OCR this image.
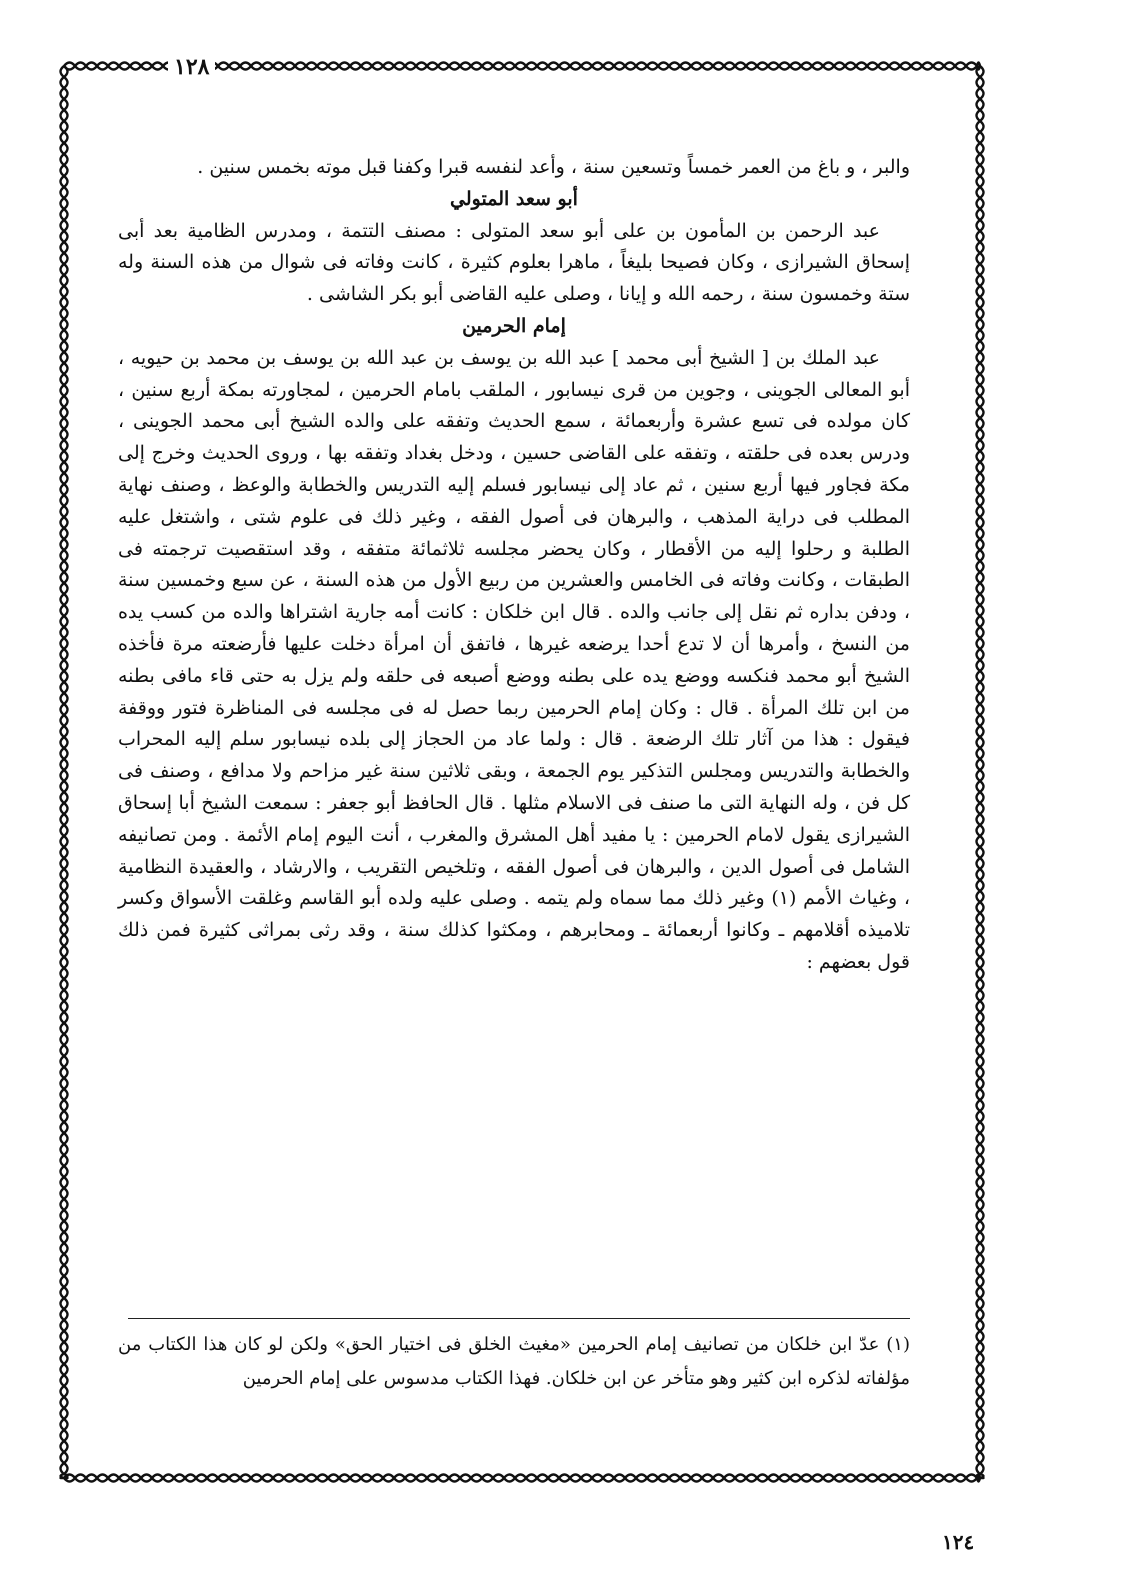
١٢٨

والبر ، و باغ من العمر خمساً وتسعين سنة ، وأعد لنفسه قبرا وكفنا قبل موته بخمس سنين .

أبو سعد المتولي

عبد الرحمن بن المأمون بن على أبو سعد المتولى : مصنف التتمة ، ومدرس الظامية بعد أبى إسحاق الشيرازى ، وكان فصيحا بليغاً ، ماهرا بعلوم كثيرة ، كانت وفاته فى شوال من هذه السنة وله ستة وخمسون سنة ، رحمه الله و إيانا ، وصلى عليه القاضى أبو بكر الشاشى .

إمام الحرمين

عبد الملك بن [ الشيخ أبى محمد ] عبد الله بن يوسف بن عبد الله بن يوسف بن محمد بن حيويه ، أبو المعالى الجوينى ، وجوين من قرى نيسابور ، الملقب بامام الحرمين ، لمجاورته بمكة أربع سنين ، كان مولده فى تسع عشرة وأربعمائة ، سمع الحديث وتفقه على والده الشيخ أبى محمد الجوينى ، ودرس بعده فى حلقته ، وتفقه على القاضى حسين ، ودخل بغداد وتفقه بها ، وروى الحديث وخرج إلى مكة فجاور فيها أربع سنين ، ثم عاد إلى نيسابور فسلم إليه التدريس والخطابة والوعظ ، وصنف نهاية المطلب فى دراية المذهب ، والبرهان فى أصول الفقه ، وغير ذلك فى علوم شتى ، واشتغل عليه الطلبة و رحلوا إليه من الأقطار ، وكان يحضر مجلسه ثلاثمائة متفقه ، وقد استقصيت ترجمته فى الطبقات ، وكانت وفاته فى الخامس والعشرين من ربيع الأول من هذه السنة ، عن سبع وخمسين سنة ، ودفن بداره ثم نقل إلى جانب والده . قال ابن خلكان : كانت أمه جارية اشتراها والده من كسب يده من النسخ ، وأمرها أن لا تدع أحدا يرضعه غيرها ، فاتفق أن امرأة دخلت عليها فأرضعته مرة فأخذه الشيخ أبو محمد فنكسه ووضع يده على بطنه ووضع أصبعه فى حلقه ولم يزل به حتى قاء مافى بطنه من ابن تلك المرأة . قال : وكان إمام الحرمين ربما حصل له فى مجلسه فى المناظرة فتور ووقفة فيقول : هذا من آثار تلك الرضعة . قال : ولما عاد من الحجاز إلى بلده نيسابور سلم إليه المحراب والخطابة والتدريس ومجلس التذكير يوم الجمعة ، وبقى ثلاثين سنة غير مزاحم ولا مدافع ، وصنف فى كل فن ، وله النهاية التى ما صنف فى الاسلام مثلها . قال الحافظ أبو جعفر : سمعت الشيخ أبا إسحاق الشيرازى يقول لامام الحرمين : يا مفيد أهل المشرق والمغرب ، أنت اليوم إمام الأئمة . ومن تصانيفه الشامل فى أصول الدين ، والبرهان فى أصول الفقه ، وتلخيص التقريب ، والارشاد ، والعقيدة النظامية ، وغياث الأمم (١) وغير ذلك مما سماه ولم يتمه . وصلى عليه ولده أبو القاسم وغلقت الأسواق وكسر تلاميذه أقلامهم ـ وكانوا أربعمائة ـ ومحابرهم ، ومكثوا كذلك سنة ، وقد رثى بمراثى كثيرة فمن ذلك قول بعضهم :

(١) عدّ ابن خلكان من تصانيف إمام الحرمين «مغيث الخلق فى اختيار الحق» ولكن لو كان هذا الكتاب من مؤلفاته لذكره ابن كثير وهو متأخر عن ابن خلكان. فهذا الكتاب مدسوس على إمام الحرمين

١٢٤
